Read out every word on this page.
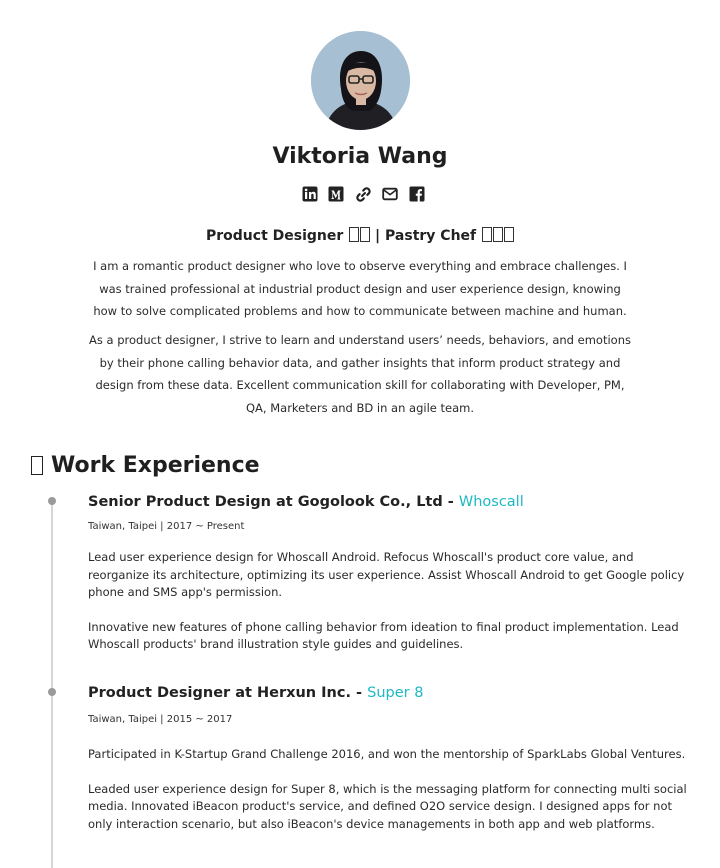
Viktoria Wang

Product Designer | Pastry Chef

I am a romantic product designer who love to observe everything and embrace challenges. I was trained professional at industrial product design and user experience design, knowing how to solve complicated problems and how to communicate between machine and human.

As a product designer, I strive to learn and understand users’ needs, behaviors, and emotions by their phone calling behavior data, and gather insights that inform product strategy and design from these data. Excellent communication skill for collaborating with Developer, PM, QA, Marketers and BD in an agile team.

Work Experience
Senior Product Design at Gogolook Co., Ltd - Whoscall

Taiwan, Taipei | 2017 ~ Present

Lead user experience design for Whoscall Android. Refocus Whoscall's product core value, and reorganize its architecture, optimizing its user experience. Assist Whoscall Android to get Google policy phone and SMS app's permission.

Innovative new features of phone calling behavior from ideation to final product implementation. Lead Whoscall products' brand illustration style guides and guidelines.

Product Designer at Herxun Inc. - Super 8

Taiwan, Taipei | 2015 ~ 2017

Participated in K-Startup Grand Challenge 2016, and won the mentorship of SparkLabs Global Ventures.

Leaded user experience design for Super 8, which is the messaging platform for connecting multi social media. Innovated iBeacon product's service, and defined O2O service design. I designed apps for not only interaction scenario, but also iBeacon's device managements in both app and web platforms.
